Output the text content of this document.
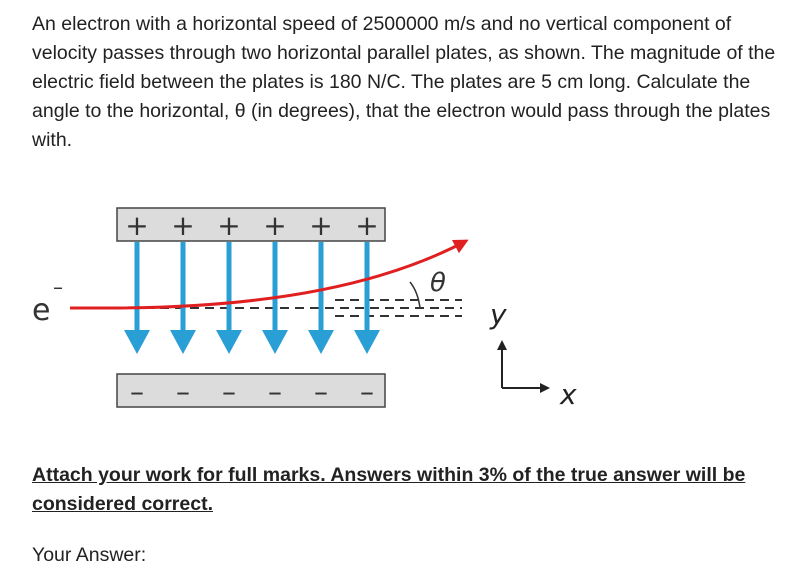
An electron with a horizontal speed of 2500000 m/s and no vertical component of velocity passes through two horizontal parallel plates, as shown. The magnitude of the electric field between the plates is 180 N/C. The plates are 5 cm long. Calculate the angle to the horizontal, θ (in degrees), that the electron would pass through the plates with.

+ + + + + +
– – – – – –
e
–	θ
y
x

Attach your work for full marks. Answers within 3% of the true answer will be considered correct.

Your Answer:
